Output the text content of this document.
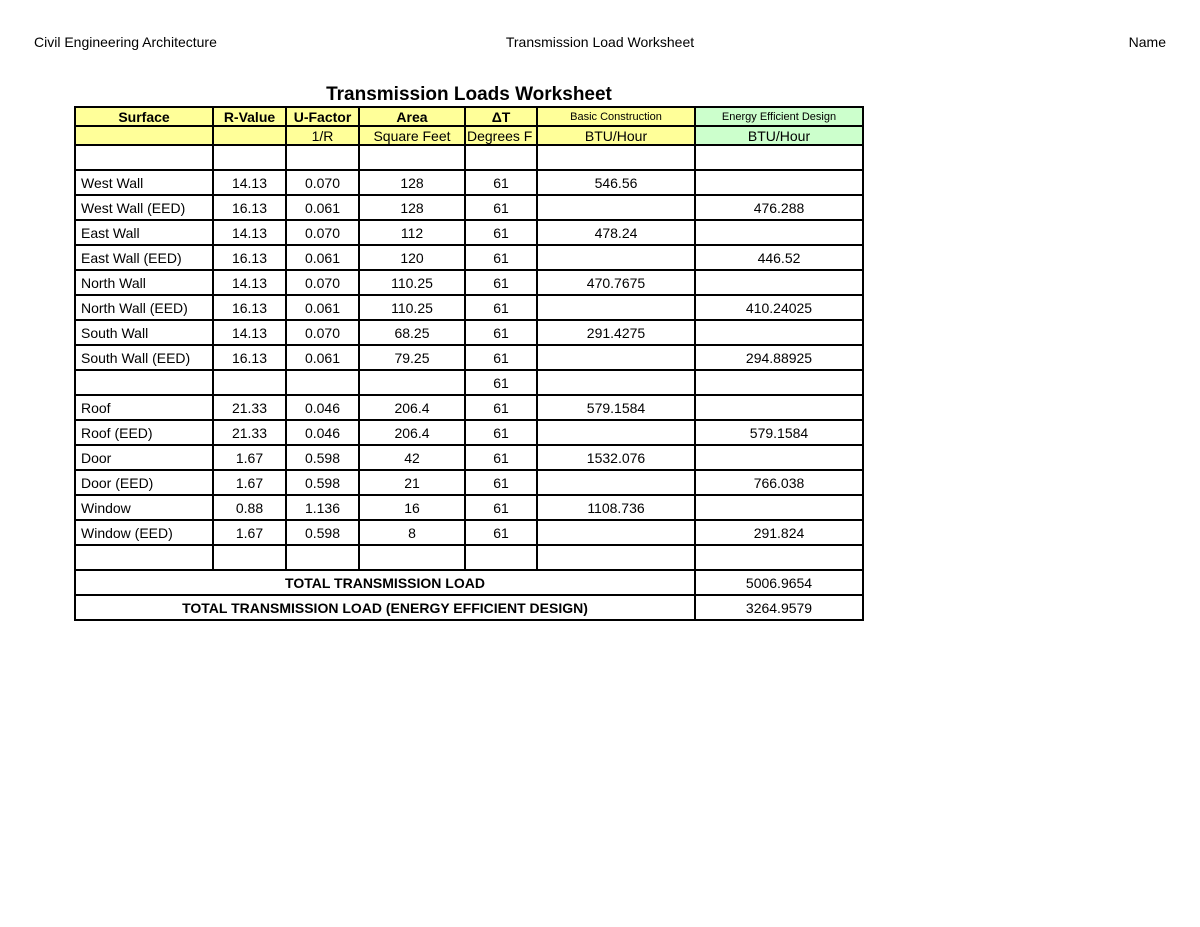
Civil Engineering Architecture	Transmission Load Worksheet	Name
Transmission Loads Worksheet
Surface	R-Value	U-Factor	Area	ΔT	Basic Construction	Energy Efficient Design
		1/R	Square Feet	Degrees F	BTU/Hour	BTU/Hour

West Wall	14.13	0.070	128	61	546.56	
West Wall (EED)	16.13	0.061	128	61		476.288
East Wall	14.13	0.070	112	61	478.24	
East Wall (EED)	16.13	0.061	120	61		446.52
North Wall	14.13	0.070	110.25	61	470.7675	
North Wall (EED)	16.13	0.061	110.25	61		410.24025
South Wall	14.13	0.070	68.25	61	291.4275	
South Wall (EED)	16.13	0.061	79.25	61		294.88925
				61		
Roof	21.33	0.046	206.4	61	579.1584	
Roof (EED)	21.33	0.046	206.4	61		579.1584
Door	1.67	0.598	42	61	1532.076	
Door (EED)	1.67	0.598	21	61		766.038
Window	0.88	1.136	16	61	1108.736	
Window (EED)	1.67	0.598	8	61		291.824

TOTAL TRANSMISSION LOAD						5006.9654
TOTAL TRANSMISSION LOAD (ENERGY EFFICIENT DESIGN)						3264.9579
